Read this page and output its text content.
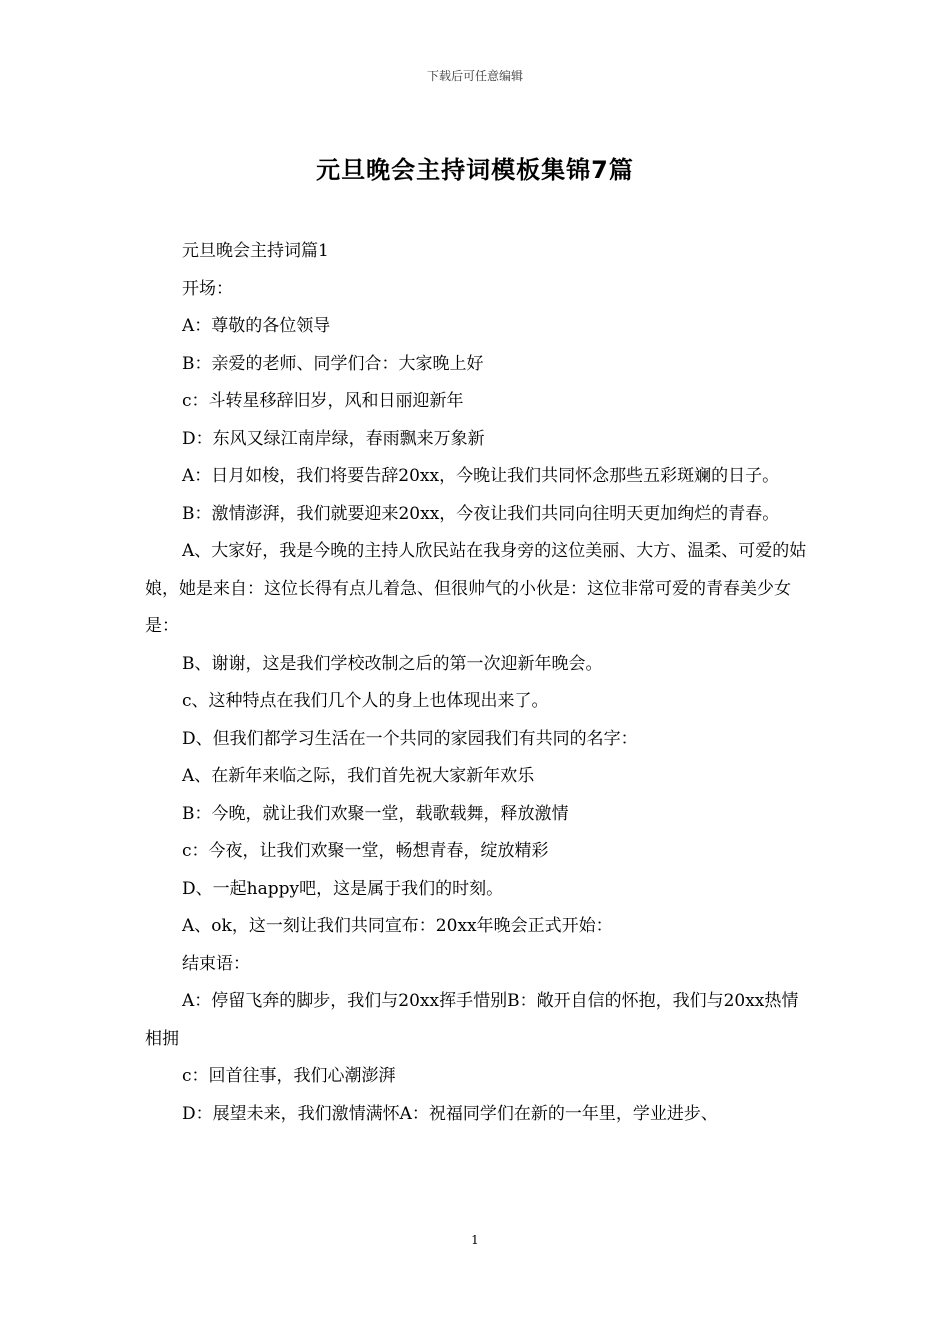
下载后可任意编辑
元旦晚会主持词模板集锦7篇

元旦晚会主持词篇1

开场：

A：尊敬的各位领导

B：亲爱的老师、同学们合：大家晚上好

c：斗转星移辞旧岁，风和日丽迎新年

D：东风又绿江南岸绿，春雨飘来万象新

A：日月如梭，我们将要告辞20xx，今晚让我们共同怀念那些五彩斑斓的日子。

B：激情澎湃，我们就要迎来20xx，今夜让我们共同向往明天更加绚烂的青春。

A、大家好，我是今晚的主持人欣民站在我身旁的这位美丽、大方、温柔、可爱的姑娘，她是来自：这位长得有点儿着急、但很帅气的小伙是：这位非常可爱的青春美少女是：

B、谢谢，这是我们学校改制之后的第一次迎新年晚会。

c、这种特点在我们几个人的身上也体现出来了。

D、但我们都学习生活在一个共同的家园我们有共同的名字：

A、在新年来临之际，我们首先祝大家新年欢乐

B：今晚，就让我们欢聚一堂，载歌载舞，释放激情

c：今夜，让我们欢聚一堂，畅想青春，绽放精彩

D、一起happy吧，这是属于我们的时刻。

A、ok，这一刻让我们共同宣布：20xx年晚会正式开始：

结束语：

A：停留飞奔的脚步，我们与20xx挥手惜别B：敞开自信的怀抱，我们与20xx热情相拥

c：回首往事，我们心潮澎湃

D：展望未来，我们激情满怀A：祝福同学们在新的一年里，学业进步、

1
